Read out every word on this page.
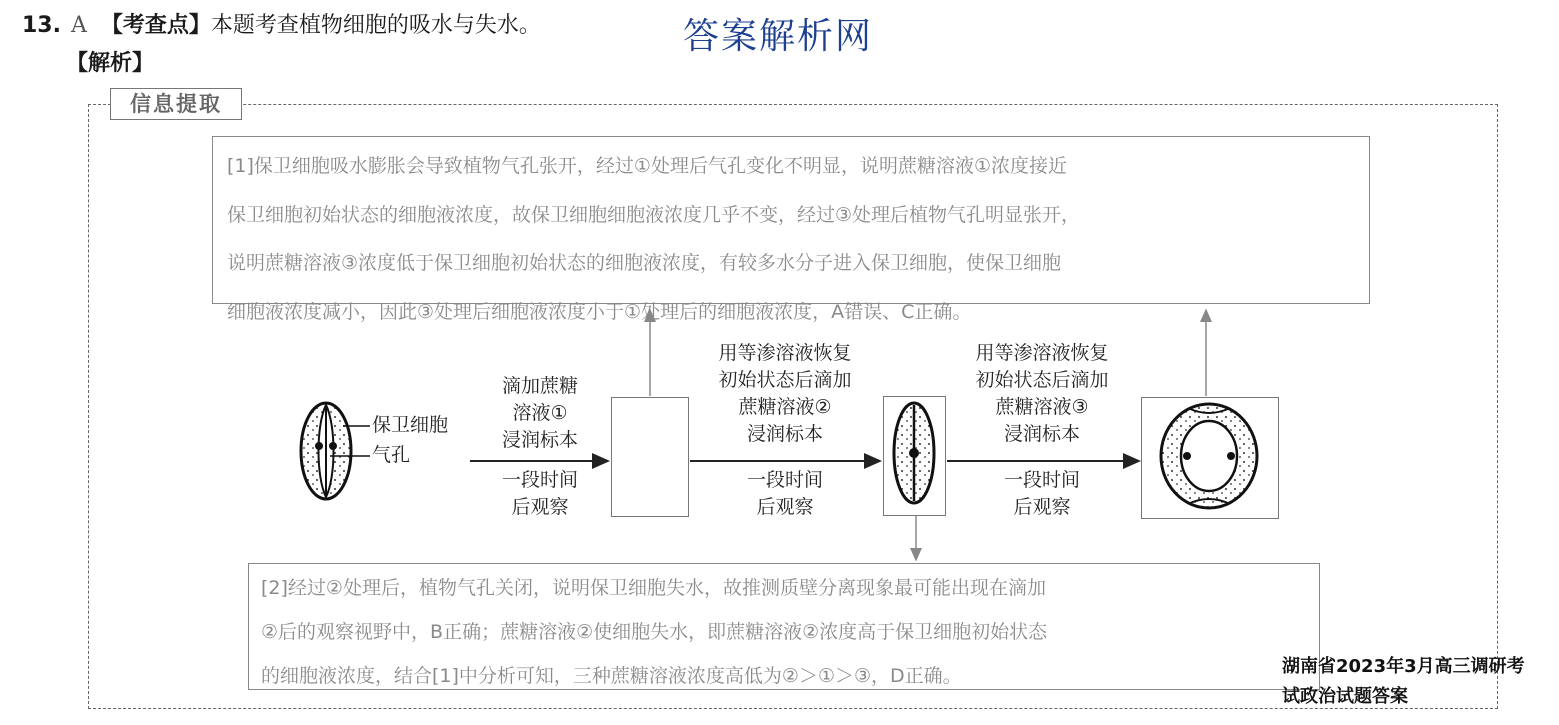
13. A 【考查点】本题考查植物细胞的吸水与失水。	答案解析网
【解析】
信息提取
[1]保卫细胞吸水膨胀会导致植物气孔张开，经过①处理后气孔变化不明显，说明蔗糖溶液①浓度接近
保卫细胞初始状态的细胞液浓度，故保卫细胞细胞液浓度几乎不变，经过③处理后植物气孔明显张开，
说明蔗糖溶液③浓度低于保卫细胞初始状态的细胞液浓度，有较多水分子进入保卫细胞，使保卫细胞
细胞液浓度减小，因此③处理后细胞液浓度小于①处理后的细胞液浓度，A错误、C正确。
[2]经过②处理后，植物气孔关闭，说明保卫细胞失水，故推测质壁分离现象最可能出现在滴加
②后的观察视野中，B正确；蔗糖溶液②使细胞失水，即蔗糖溶液②浓度高于保卫细胞初始状态
的细胞液浓度，结合[1]中分析可知，三种蔗糖溶液浓度高低为②＞①＞③，D正确。
保卫细胞
气孔
滴加蔗糖
溶液①
浸润标本
一段时间
后观察
用等渗溶液恢复
初始状态后滴加
蔗糖溶液②
浸润标本
一段时间
后观察
用等渗溶液恢复
初始状态后滴加
蔗糖溶液③
浸润标本
一段时间
后观察
湖南省2023年3月高三调研考
试政治试题答案
